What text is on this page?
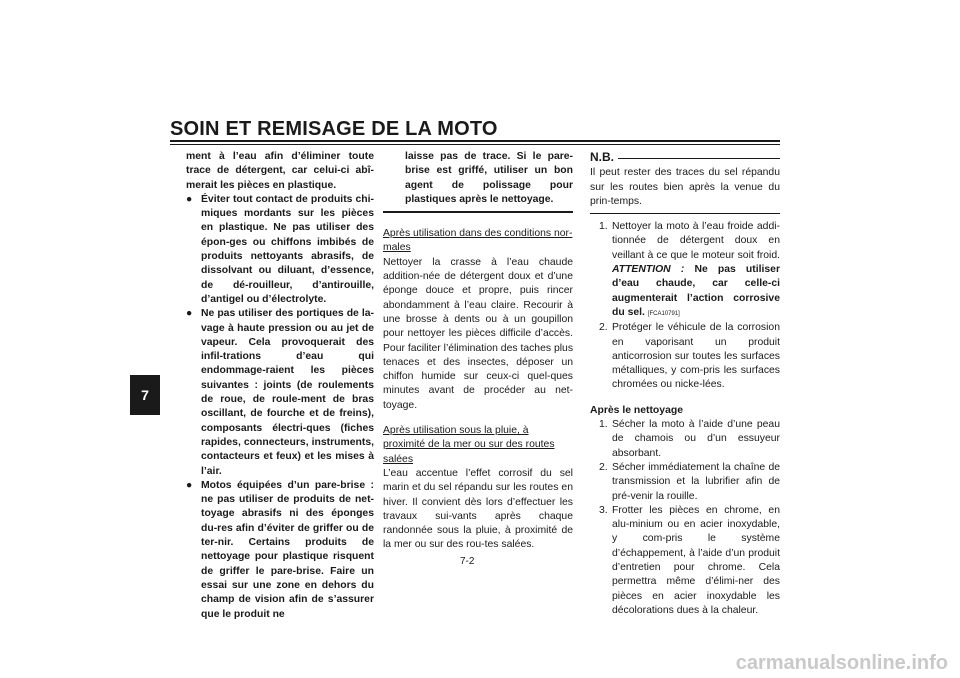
SOIN ET REMISAGE DE LA MOTO
7

ment à l’eau afin d’éliminer toute trace de détergent, car celui-ci abî-merait les pièces en plastique.

● Éviter tout contact de produits chi-miques mordants sur les pièces en plastique. Ne pas utiliser des épon-ges ou chiffons imbibés de produits nettoyants abrasifs, de dissolvant ou diluant, d’essence, de dé-rouilleur, d’antirouille, d’antigel ou d’électrolyte.

● Ne pas utiliser des portiques de la-vage à haute pression ou au jet de vapeur. Cela provoquerait des infil-trations d’eau qui endommage-raient les pièces suivantes : joints (de roulements de roue, de roule-ment de bras oscillant, de fourche et de freins), composants électri-ques (fiches rapides, connecteurs, instruments, contacteurs et feux) et les mises à l’air.

● Motos équipées d’un pare-brise : ne pas utiliser de produits de net-toyage abrasifs ni des éponges du-res afin d’éviter de griffer ou de ter-nir. Certains produits de nettoyage pour plastique risquent de griffer le pare-brise. Faire un essai sur une zone en dehors du champ de vision afin de s’assurer que le produit ne

laisse pas de trace. Si le pare-brise est griffé, utiliser un bon agent de polissage pour plastiques après le nettoyage.

Après utilisation dans des conditions nor-males

Nettoyer la crasse à l’eau chaude addition-née de détergent doux et d’une éponge douce et propre, puis rincer abondamment à l’eau claire. Recourir à une brosse à dents ou à un goupillon pour nettoyer les pièces difficile d’accès. Pour faciliter l’élimination des taches plus tenaces et des insectes, déposer un chiffon humide sur ceux-ci quel-ques minutes avant de procéder au net-toyage.

Après utilisation sous la pluie, à proximité de la mer ou sur des routes salées

L’eau accentue l’effet corrosif du sel marin et du sel répandu sur les routes en hiver. Il convient dès lors d’effectuer les travaux sui-vants après chaque randonnée sous la pluie, à proximité de la mer ou sur des rou-tes salées.

N.B.

Il peut rester des traces du sel répandu sur les routes bien après la venue du prin-temps.

1. Nettoyer la moto à l’eau froide addi-tionnée de détergent doux en veillant à ce que le moteur soit froid. ATTENTION : Ne pas utiliser d’eau chaude, car celle-ci augmenterait l’action corrosive du sel. [FCA10791]

2. Protéger le véhicule de la corrosion en vaporisant un produit anticorrosion sur toutes les surfaces métalliques, y com-pris les surfaces chromées ou nicke-lées.

Après le nettoyage

1. Sécher la moto à l’aide d’une peau de chamois ou d’un essuyeur absorbant.

2. Sécher immédiatement la chaîne de transmission et la lubrifier afin de pré-venir la rouille.

3. Frotter les pièces en chrome, en alu-minium ou en acier inoxydable, y com-pris le système d’échappement, à l’aide d’un produit d’entretien pour chrome. Cela permettra même d’élimi-ner des pièces en acier inoxydable les décolorations dues à la chaleur.

7-2
carmanualsonline.info
